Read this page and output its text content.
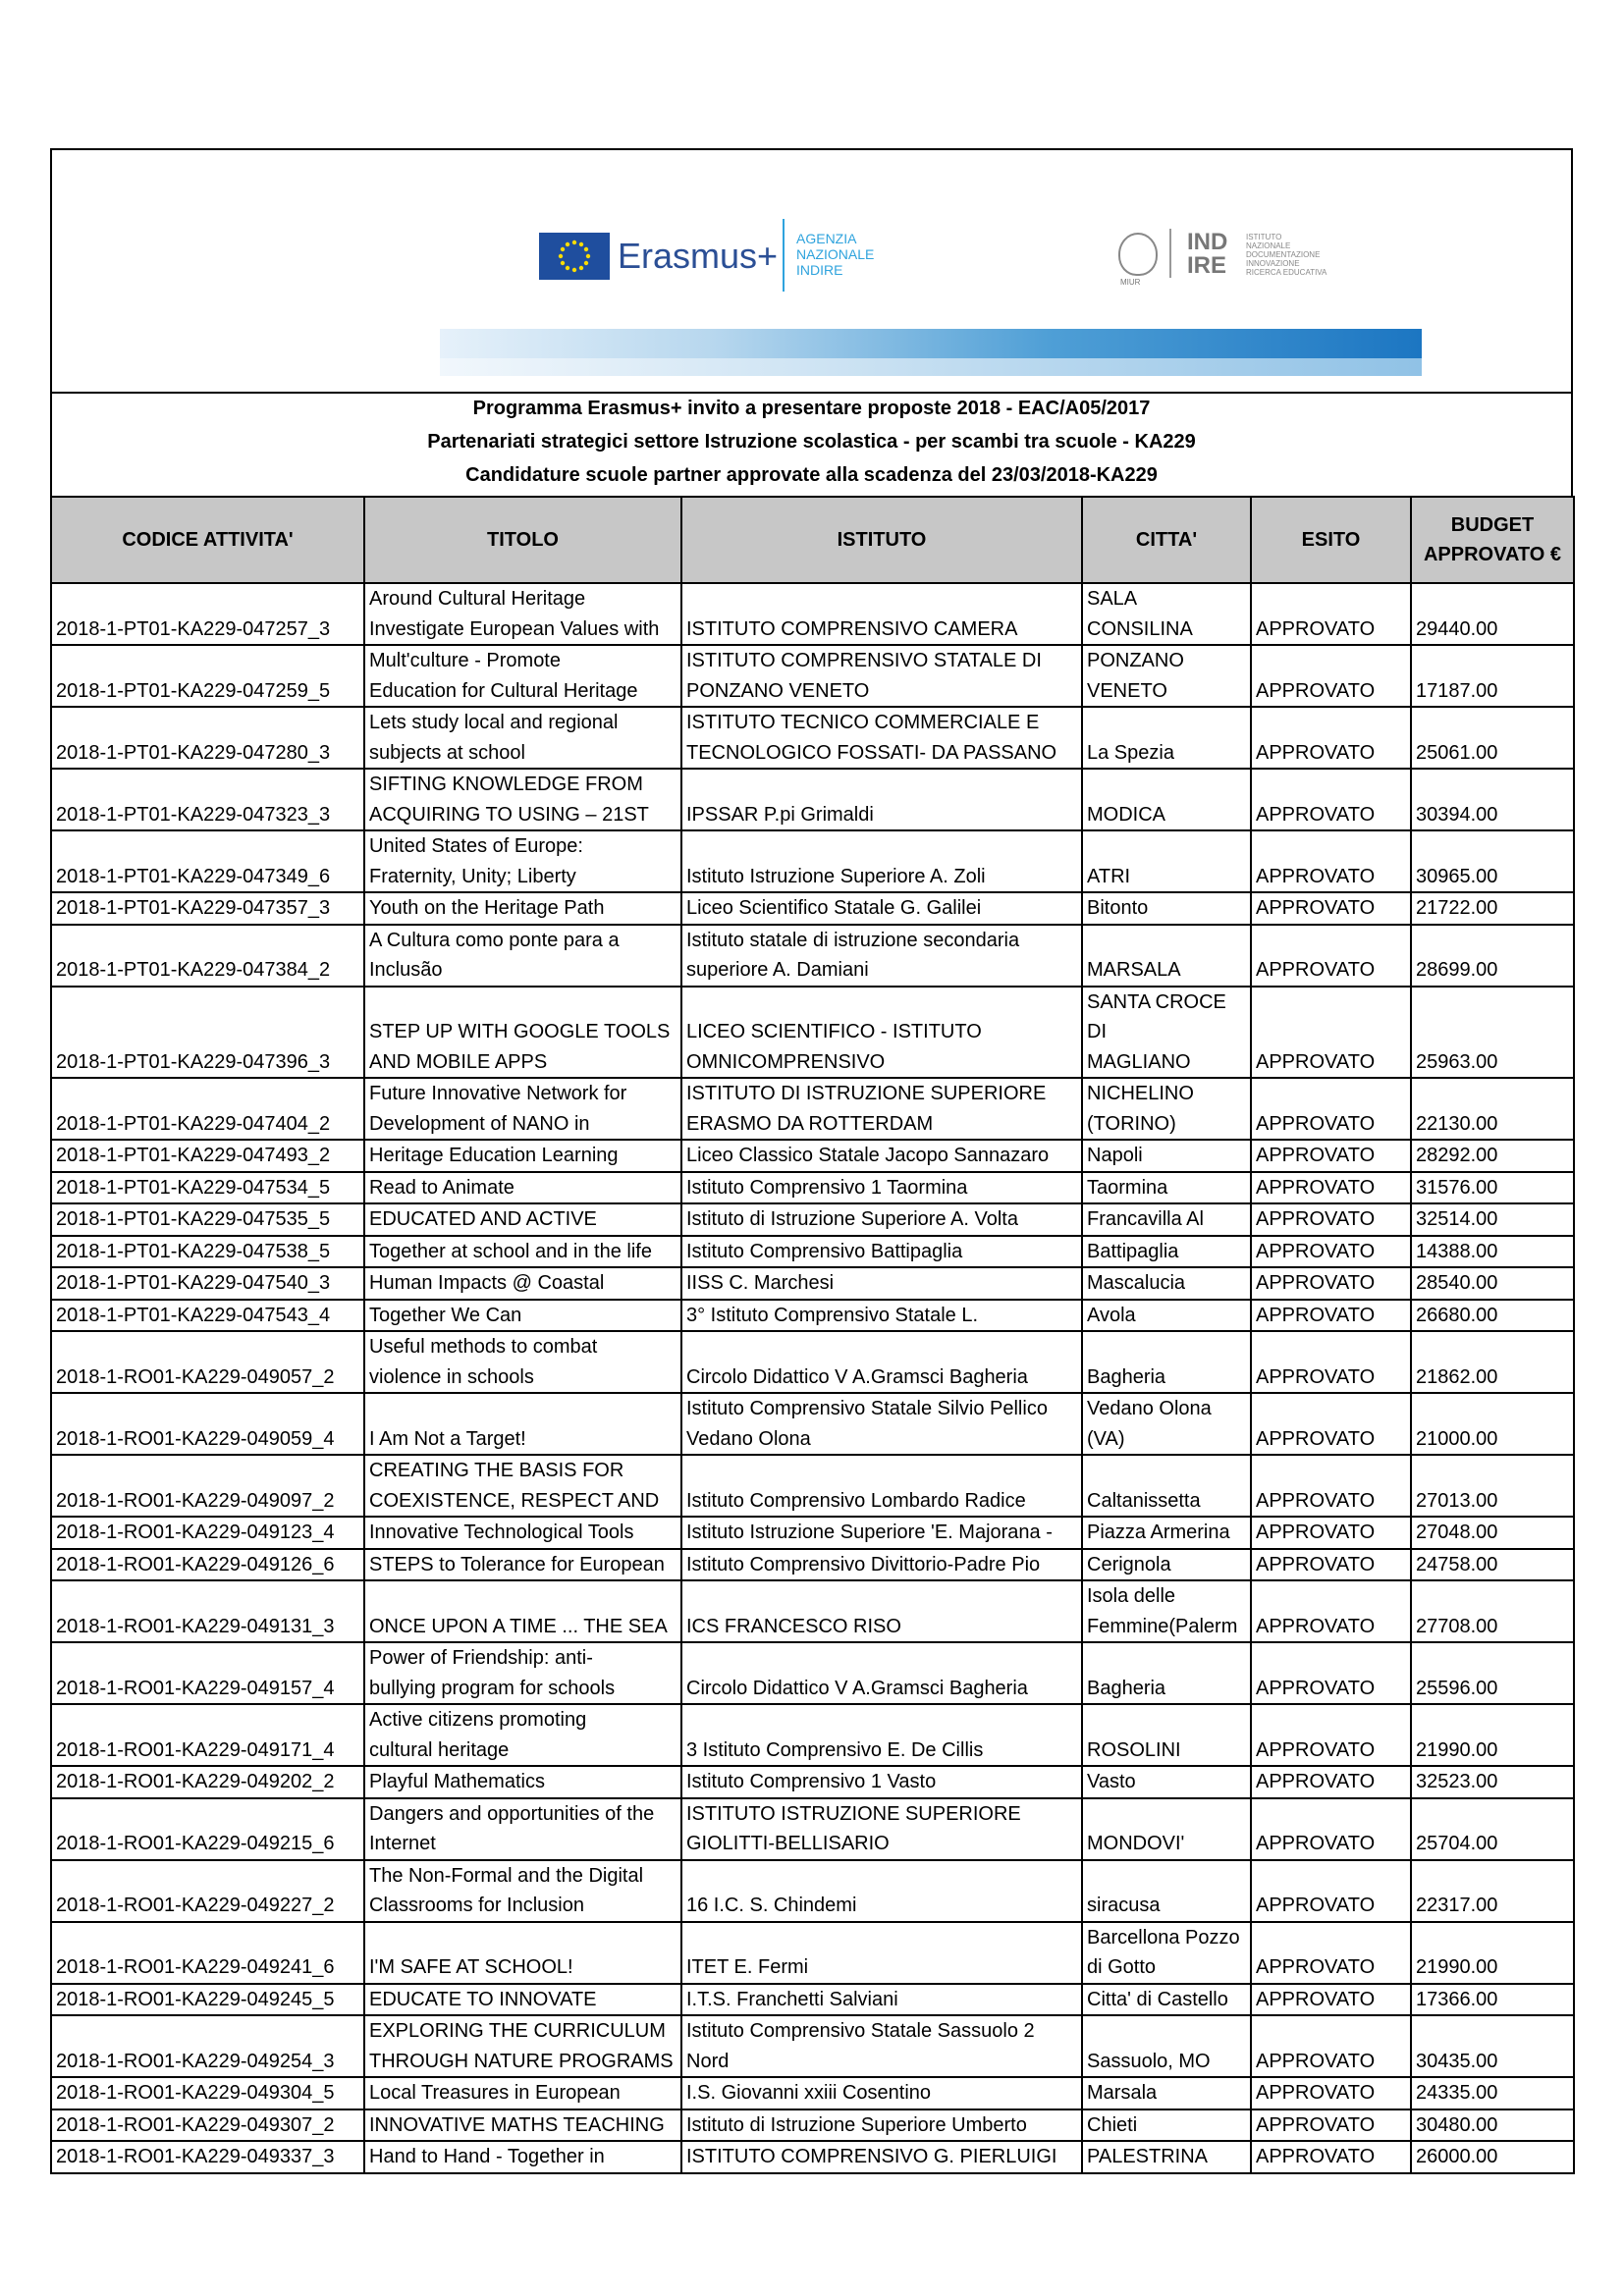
Erasmus+ AGENZIA
NAZIONALE
INDIRE
MIUR
IND
IRE
ISTITUTO
NAZIONALE
DOCUMENTAZIONE
INNOVAZIONE
RICERCA EDUCATIVA
Programma Erasmus+ invito a presentare proposte 2018 - EAC/A05/2017
Partenariati strategici settore Istruzione scolastica - per scambi tra scuole - KA229
Candidature scuole partner approvate alla scadenza del 23/03/2018-KA229
CODICE ATTIVITA'	TITOLO	ISTITUTO	CITTA'	ESITO	BUDGET
APPROVATO €
2018-1-PT01-KA229-047257_3	Around Cultural Heritage
Investigate European Values with	ISTITUTO COMPRENSIVO CAMERA	SALA CONSILINA	APPROVATO	29440.00
2018-1-PT01-KA229-047259_5	Mult'culture - Promote
Education for Cultural Heritage	ISTITUTO COMPRENSIVO STATALE DI
PONZANO VENETO	PONZANO
VENETO	APPROVATO	17187.00
2018-1-PT01-KA229-047280_3	Lets study local and regional
subjects at school	ISTITUTO TECNICO COMMERCIALE E
TECNOLOGICO FOSSATI- DA PASSANO	La Spezia	APPROVATO	25061.00
2018-1-PT01-KA229-047323_3	SIFTING KNOWLEDGE FROM
ACQUIRING TO USING – 21ST	IPSSAR P.pi Grimaldi	MODICA	APPROVATO	30394.00
2018-1-PT01-KA229-047349_6	United States of Europe:
Fraternity, Unity; Liberty	Istituto Istruzione Superiore A. Zoli	ATRI	APPROVATO	30965.00
2018-1-PT01-KA229-047357_3	Youth on the Heritage Path	Liceo Scientifico Statale G. Galilei	Bitonto	APPROVATO	21722.00
2018-1-PT01-KA229-047384_2	A Cultura como ponte para a
Inclusão	Istituto statale di istruzione secondaria
superiore A. Damiani	MARSALA	APPROVATO	28699.00
2018-1-PT01-KA229-047396_3	STEP UP WITH GOOGLE TOOLS
AND MOBILE APPS	LICEO SCIENTIFICO - ISTITUTO
OMNICOMPRENSIVO	SANTA CROCE DI
MAGLIANO	APPROVATO	25963.00
2018-1-PT01-KA229-047404_2	Future Innovative Network for
Development of NANO in	ISTITUTO DI ISTRUZIONE SUPERIORE
ERASMO DA ROTTERDAM	NICHELINO
(TORINO)	APPROVATO	22130.00
2018-1-PT01-KA229-047493_2	Heritage Education Learning	Liceo Classico Statale Jacopo Sannazaro	Napoli	APPROVATO	28292.00
2018-1-PT01-KA229-047534_5	Read to Animate	Istituto Comprensivo 1 Taormina	Taormina	APPROVATO	31576.00
2018-1-PT01-KA229-047535_5	EDUCATED AND ACTIVE	Istituto di Istruzione Superiore A. Volta	Francavilla Al	APPROVATO	32514.00
2018-1-PT01-KA229-047538_5	Together at school and in the life	Istituto Comprensivo Battipaglia	Battipaglia	APPROVATO	14388.00
2018-1-PT01-KA229-047540_3	Human Impacts @ Coastal	IISS C. Marchesi	Mascalucia	APPROVATO	28540.00
2018-1-PT01-KA229-047543_4	Together We Can	3° Istituto Comprensivo Statale L.	Avola	APPROVATO	26680.00
2018-1-RO01-KA229-049057_2	Useful methods to combat
violence in schools	Circolo Didattico V A.Gramsci Bagheria	Bagheria	APPROVATO	21862.00
2018-1-RO01-KA229-049059_4	I Am Not a Target!	Istituto Comprensivo Statale Silvio Pellico
Vedano Olona	Vedano Olona
(VA)	APPROVATO	21000.00
2018-1-RO01-KA229-049097_2	CREATING THE BASIS FOR
COEXISTENCE, RESPECT AND	Istituto Comprensivo Lombardo Radice	Caltanissetta	APPROVATO	27013.00
2018-1-RO01-KA229-049123_4	Innovative Technological Tools	Istituto Istruzione Superiore 'E. Majorana -	Piazza Armerina	APPROVATO	27048.00
2018-1-RO01-KA229-049126_6	STEPS to Tolerance for European	Istituto Comprensivo Divittorio-Padre Pio	Cerignola	APPROVATO	24758.00
2018-1-RO01-KA229-049131_3	ONCE UPON A TIME ... THE SEA	ICS FRANCESCO RISO	Isola delle
Femmine(Palerm	APPROVATO	27708.00
2018-1-RO01-KA229-049157_4	Power of Friendship: anti-
bullying program for schools	Circolo Didattico V A.Gramsci Bagheria	Bagheria	APPROVATO	25596.00
2018-1-RO01-KA229-049171_4	Active citizens promoting
cultural heritage	3 Istituto Comprensivo E. De Cillis	ROSOLINI	APPROVATO	21990.00
2018-1-RO01-KA229-049202_2	Playful Mathematics	Istituto Comprensivo 1 Vasto	Vasto	APPROVATO	32523.00
2018-1-RO01-KA229-049215_6	Dangers and opportunities of the
Internet	ISTITUTO ISTRUZIONE SUPERIORE
GIOLITTI-BELLISARIO	MONDOVI'	APPROVATO	25704.00
2018-1-RO01-KA229-049227_2	The Non-Formal and the Digital
Classrooms for Inclusion	16 I.C. S. Chindemi	siracusa	APPROVATO	22317.00
2018-1-RO01-KA229-049241_6	I'M SAFE AT SCHOOL!	ITET E. Fermi	Barcellona Pozzo
di Gotto	APPROVATO	21990.00
2018-1-RO01-KA229-049245_5	EDUCATE TO INNOVATE	I.T.S. Franchetti Salviani	Citta' di Castello	APPROVATO	17366.00
2018-1-RO01-KA229-049254_3	EXPLORING THE CURRICULUM
THROUGH NATURE PROGRAMS	Istituto Comprensivo Statale Sassuolo 2
Nord	Sassuolo, MO	APPROVATO	30435.00
2018-1-RO01-KA229-049304_5	Local Treasures in European	I.S. Giovanni xxiii Cosentino	Marsala	APPROVATO	24335.00
2018-1-RO01-KA229-049307_2	INNOVATIVE MATHS TEACHING	Istituto di Istruzione Superiore Umberto	Chieti	APPROVATO	30480.00
2018-1-RO01-KA229-049337_3	Hand to Hand - Together in	ISTITUTO COMPRENSIVO G. PIERLUIGI	PALESTRINA	APPROVATO	26000.00
